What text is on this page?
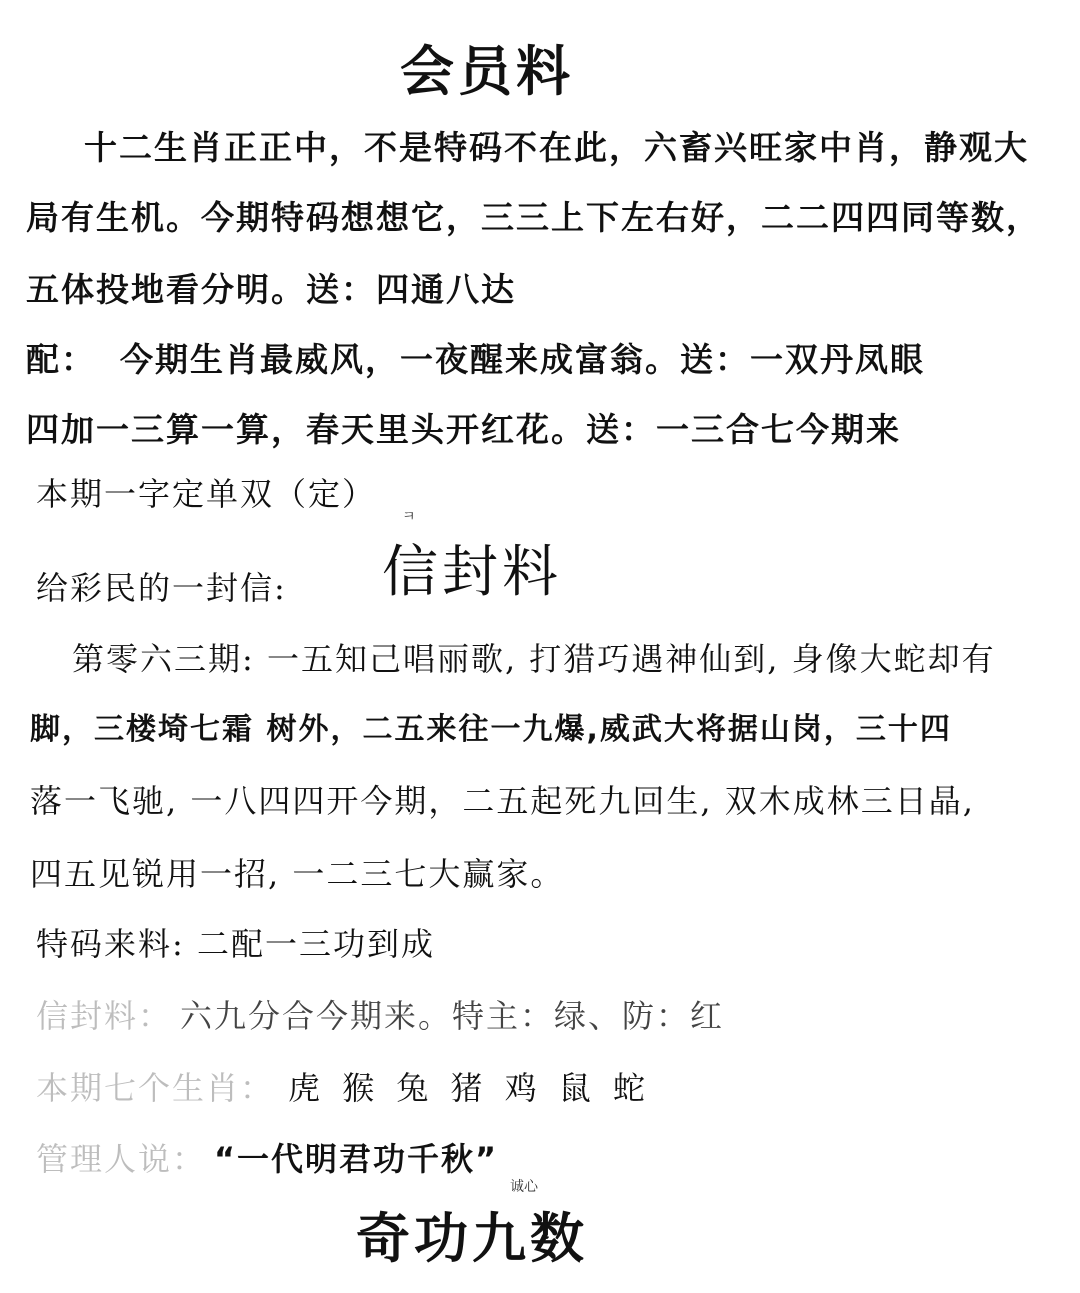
会员料
十二生肖正正中，不是特码不在此，六畜兴旺家中肖，静观大
局有生机。今期特码想想它，三三上下左右好，二二四四同等数，
五体投地看分明。送：四通八达
配： 今期生肖最威风，一夜醒来成富翁。送：一双丹凤眼
四加一三算一算，春天里头开红花。送：一三合七今期来
本期一字定单双（定）
ㅋ
给彩民的一封信: 信封料
第零六三期: 一五知己唱丽歌, 打猎巧遇神仙到, 身像大蛇却有
脚，三楼埼七霜 树外，二五来往一九爆,威武大将据山岗，三十四
落一飞驰, 一八四四开今期，二五起死九回生, 双木成林三日晶,
四五见锐用一招, 一二三七大赢家。
特码来料: 二配一三功到成
信封料： 六九分合今期来。特主：绿、防：红
本期七个生肖： 虎 猴 兔 猪 鸡 鼠 蛇
管理人说： “一代明君功千秋”
诚心
奇功九数
